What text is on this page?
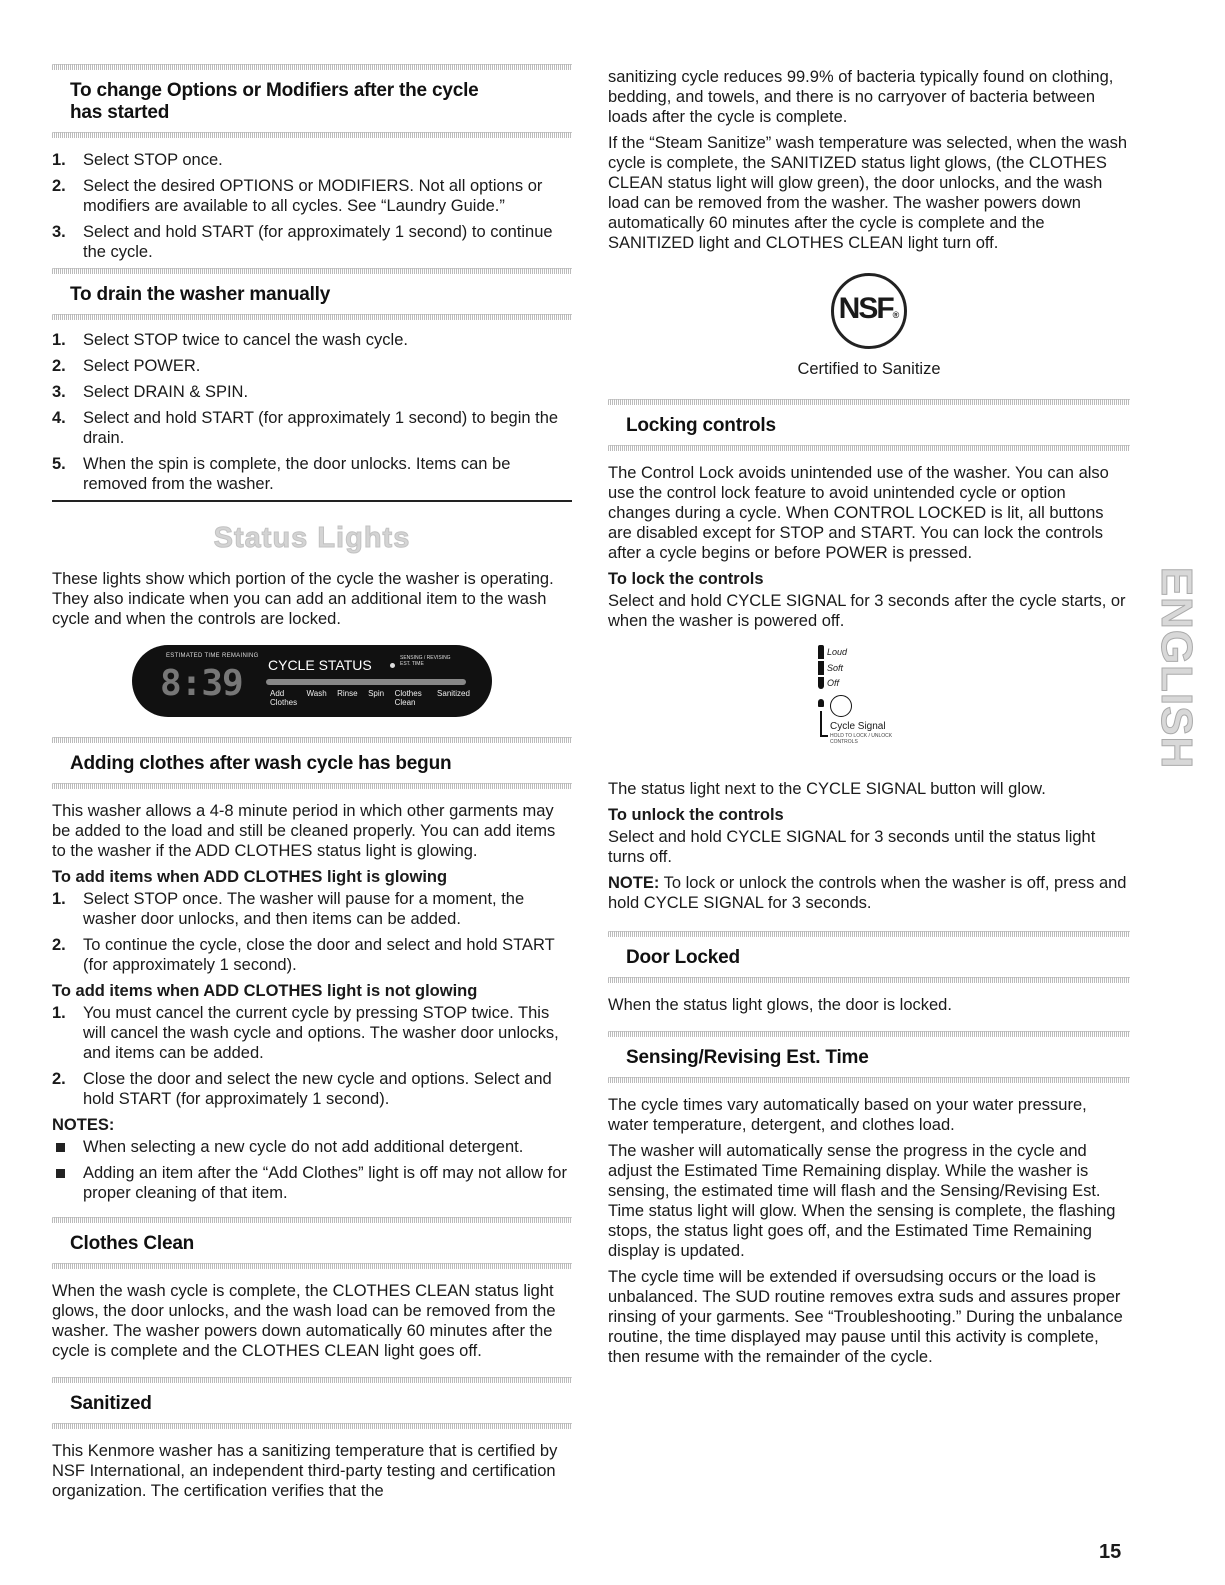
To change Options or Modifiers after the cycle has started
1. Select STOP once.
2. Select the desired OPTIONS or MODIFIERS. Not all options or modifiers are available to all cycles. See “Laundry Guide.”
3. Select and hold START (for approximately 1 second) to continue the cycle.
To drain the washer manually
1. Select STOP twice to cancel the wash cycle.
2. Select POWER.
3. Select DRAIN & SPIN.
4. Select and hold START (for approximately 1 second) to begin the drain.
5. When the spin is complete, the door unlocks. Items can be removed from the washer.
Status Lights

These lights show which portion of the cycle the washer is operating. They also indicate when you can add an additional item to the wash cycle and when the controls are locked.

ESTIMATED TIME REMAINING
8:39 CYCLE STATUS	SENSING / REVISING EST. TIME
Add Clothes
Wash Rinse Spin Clothes Clean
Sanitized
Adding clothes after wash cycle has begun

This washer allows a 4-8 minute period in which other garments may be added to the load and still be cleaned properly. You can add items to the washer if the ADD CLOTHES status light is glowing.

To add items when ADD CLOTHES light is glowing
1. Select STOP once. The washer will pause for a moment, the washer door unlocks, and then items can be added.
2. To continue the cycle, close the door and select and hold START (for approximately 1 second).
To add items when ADD CLOTHES light is not glowing
1. You must cancel the current cycle by pressing STOP twice. This will cancel the wash cycle and options. The washer door unlocks, and items can be added.
2. Close the door and select the new cycle and options. Select and hold START (for approximately 1 second).
NOTES:
When selecting a new cycle do not add additional detergent.
Adding an item after the “Add Clothes” light is off may not allow for proper cleaning of that item.
Clothes Clean

When the wash cycle is complete, the CLOTHES CLEAN status light glows, the door unlocks, and the wash load can be removed from the washer. The washer powers down automatically 60 minutes after the cycle is complete and the CLOTHES CLEAN light goes off.

Sanitized

This Kenmore washer has a sanitizing temperature that is certified by NSF International, an independent third-party testing and certification organization. The certification verifies that the

sanitizing cycle reduces 99.9% of bacteria typically found on clothing, bedding, and towels, and there is no carryover of bacteria between loads after the cycle is complete.

If the “Steam Sanitize” wash temperature was selected, when the wash cycle is complete, the SANITIZED status light glows, (the CLOTHES CLEAN status light will glow green), the door unlocks, and the wash load can be removed from the washer. The washer powers down automatically 60 minutes after the cycle is complete and the SANITIZED light and CLOTHES CLEAN light turn off.

NSF®

Certified to Sanitize

Locking controls

The Control Lock avoids unintended use of the washer. You can also use the control lock feature to avoid unintended cycle or option changes during a cycle. When CONTROL LOCKED is lit, all buttons are disabled except for STOP and START. You can lock the controls after a cycle begins or before POWER is pressed.

To lock the controls

Select and hold CYCLE SIGNAL for 3 seconds after the cycle starts, or when the washer is powered off.

Loud
Soft
Off
Cycle Signal
HOLD TO LOCK / UNLOCK CONTROLS

The status light next to the CYCLE SIGNAL button will glow.

To unlock the controls

Select and hold CYCLE SIGNAL for 3 seconds until the status light turns off.

NOTE: To lock or unlock the controls when the washer is off, press and hold CYCLE SIGNAL for 3 seconds.

Door Locked

When the status light glows, the door is locked.

Sensing/Revising Est. Time

The cycle times vary automatically based on your water pressure, water temperature, detergent, and clothes load.

The washer will automatically sense the progress in the cycle and adjust the Estimated Time Remaining display. While the washer is sensing, the estimated time will flash and the Sensing/Revising Est. Time status light will glow. When the sensing is complete, the flashing stops, the status light goes off, and the Estimated Time Remaining display is updated.

The cycle time will be extended if oversudsing occurs or the load is unbalanced. The SUD routine removes extra suds and assures proper rinsing of your garments. See “Troubleshooting.” During the unbalance routine, the time displayed may pause until this activity is complete, then resume with the remainder of the cycle.

ENGLISH
15
